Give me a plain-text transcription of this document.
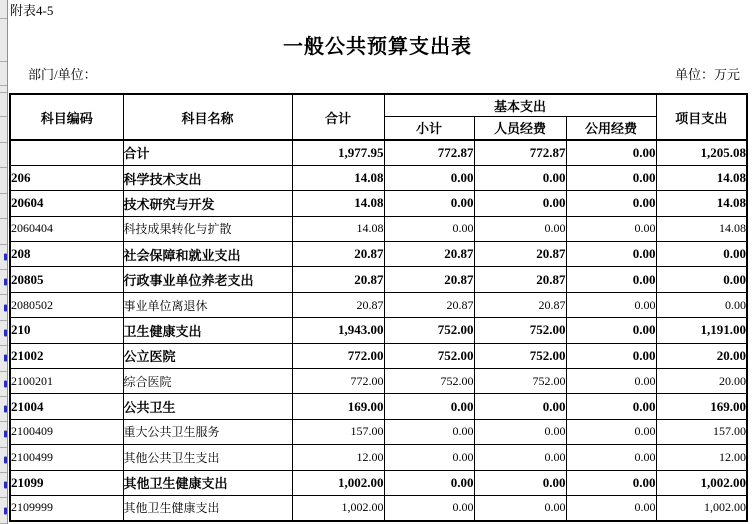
附表4-5
一般公共预算支出表
部门/单位：	单位：万元
科目编码	科目名称	合计	基本支出			项目支出
			小计	人员经费	公用经费	
	合计	1,977.95	772.87	772.87	0.00	1,205.08
206	科学技术支出	14.08	0.00	0.00	0.00	14.08
20604	技术研究与开发	14.08	0.00	0.00	0.00	14.08
2060404	科技成果转化与扩散	14.08	0.00	0.00	0.00	14.08
208	社会保障和就业支出	20.87	20.87	20.87	0.00	0.00
20805	行政事业单位养老支出	20.87	20.87	20.87	0.00	0.00
2080502	事业单位离退休	20.87	20.87	20.87	0.00	0.00
210	卫生健康支出	1,943.00	752.00	752.00	0.00	1,191.00
21002	公立医院	772.00	752.00	752.00	0.00	20.00
2100201	综合医院	772.00	752.00	752.00	0.00	20.00
21004	公共卫生	169.00	0.00	0.00	0.00	169.00
2100409	重大公共卫生服务	157.00	0.00	0.00	0.00	157.00
2100499	其他公共卫生支出	12.00	0.00	0.00	0.00	12.00
21099	其他卫生健康支出	1,002.00	0.00	0.00	0.00	1,002.00
2109999	其他卫生健康支出	1,002.00	0.00	0.00	0.00	1,002.00
